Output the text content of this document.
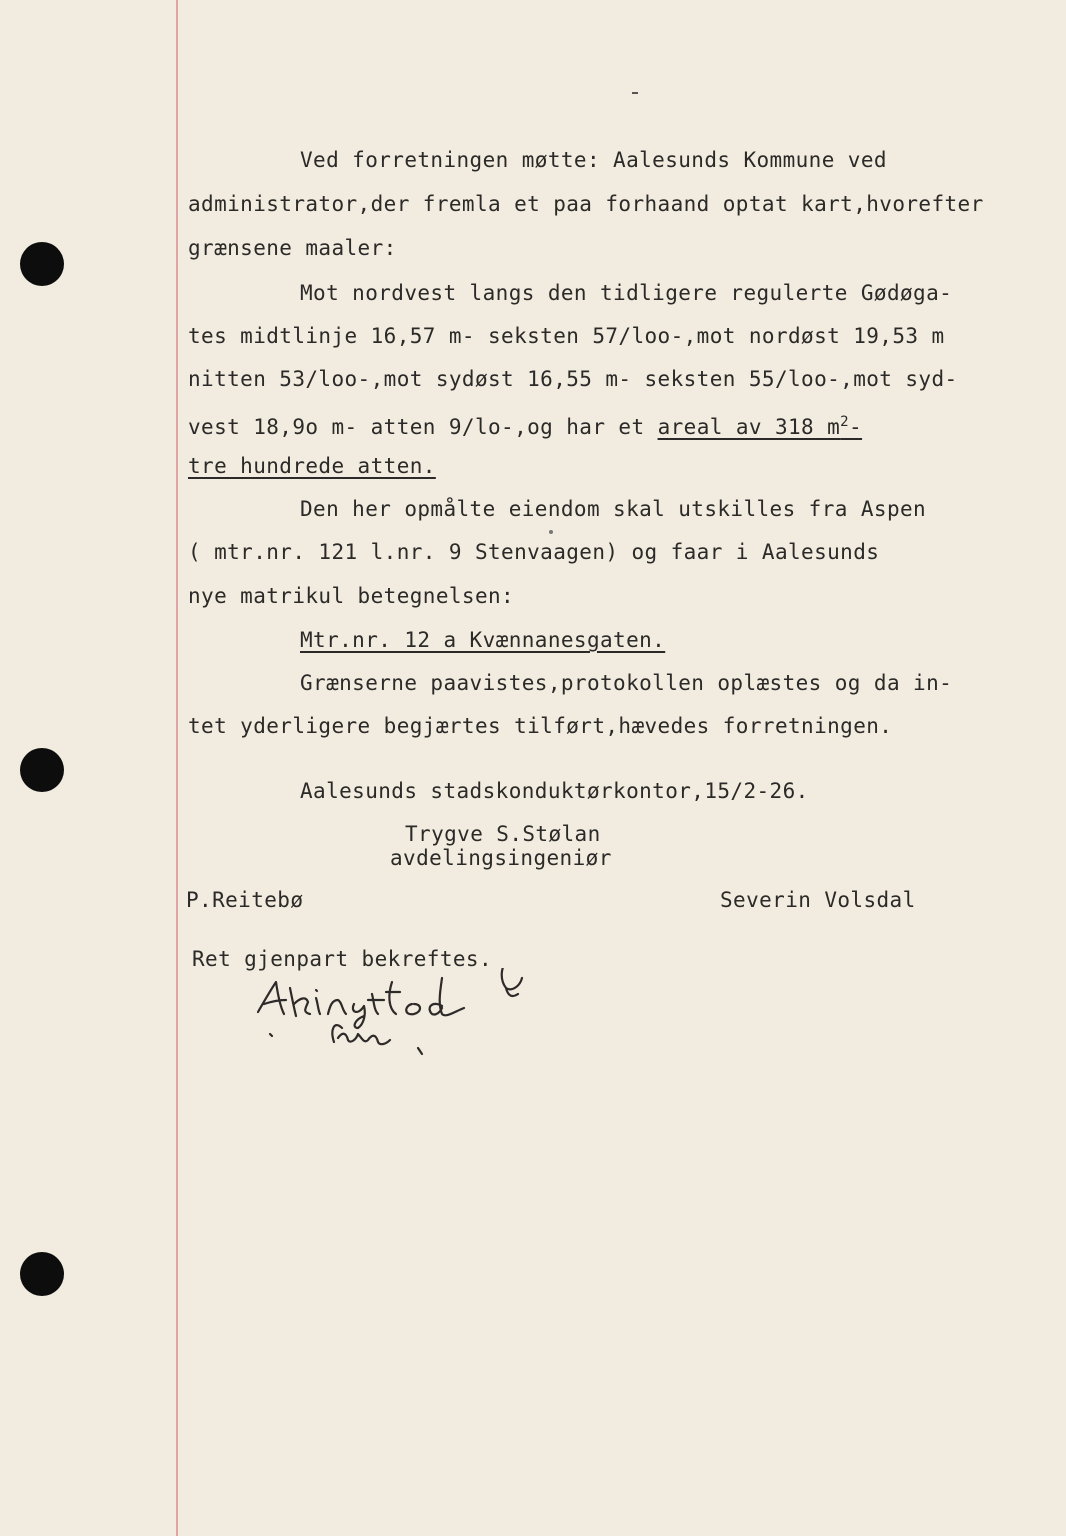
Ved forretningen møtte: Aalesunds Kommune ved
administrator,der fremla et paa forhaand optat kart,hvorefter
grænsene maaler:
Mot nordvest langs den tidligere regulerte Gødøga-
tes midtlinje 16,57 m- seksten 57/loo-,mot nordøst 19,53 m
nitten 53/loo-,mot sydøst 16,55 m- seksten 55/loo-,mot syd-
vest 18,9o m- atten 9/lo-,og har et areal av 318 $m^2-$
tre hundrede atten.
Den her opmålte eiendom skal utskilles fra Aspen
( mtr.nr. 121 l.nr. 9 Stenvaagen) og faar i Aalesunds
nye matrikul betegnelsen:
Mtr.nr. 12 a Kvænnanesgaten.
Grænserne paavistes,protokollen oplæstes og da in-
tet yderligere begjærtes tilført,hævedes forretningen.
Aalesunds stadskonduktørkontor,15/2-26.
Trygve S.Stølan
avdelingsingeniør
P.Reitebø	Severin Volsdal
Ret gjenpart bekreftes.
